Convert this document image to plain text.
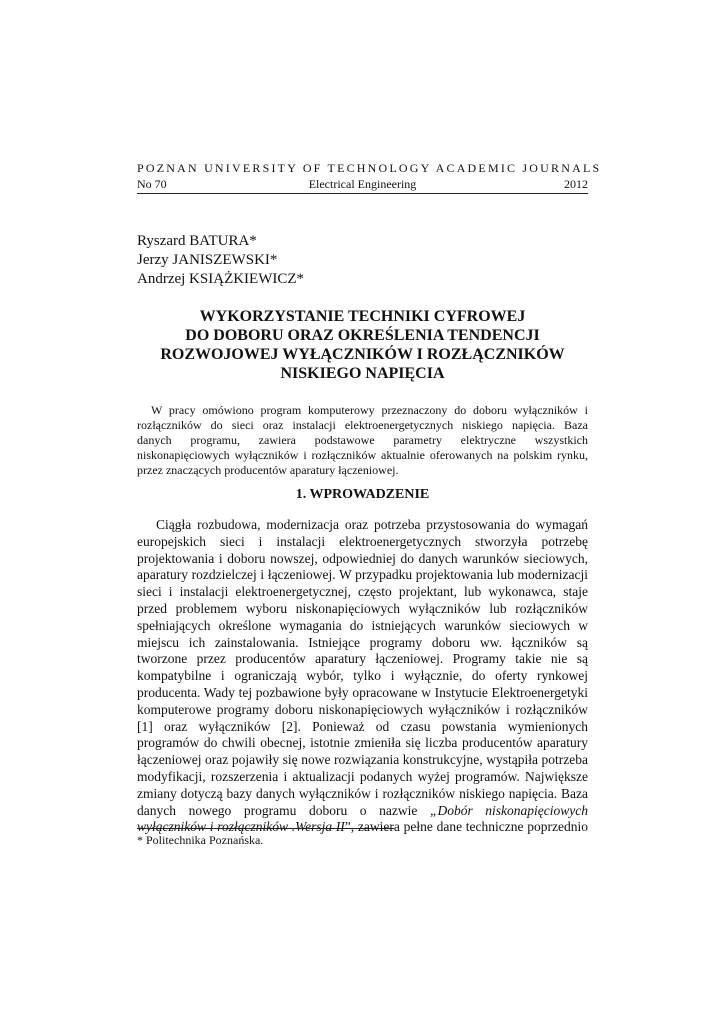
POZNAN UNIVERSITY OF TECHNOLOGY ACADEMIC JOURNALS
No 70	Electrical Engineering	2012
Ryszard BATURA*
Jerzy JANISZEWSKI*
Andrzej KSIĄŻKIEWICZ*
WYKORZYSTANIE TECHNIKI CYFROWEJ
DO DOBORU ORAZ OKREŚLENIA TENDENCJI
ROZWOJOWEJ WYŁĄCZNIKÓW I ROZŁĄCZNIKÓW
NISKIEGO NAPIĘCIA
W pracy omówiono program komputerowy przeznaczony do doboru wyłączników i
rozłączników do sieci oraz instalacji elektroenergetycznych niskiego napięcia. Baza
danych programu, zawiera podstawowe parametry elektryczne wszystkich
niskonapięciowych wyłączników i rozłączników aktualnie oferowanych na polskim rynku,
przez znaczących producentów aparatury łączeniowej.
1. WPROWADZENIE
Ciągła rozbudowa, modernizacja oraz potrzeba przystosowania do wymagań
europejskich sieci i instalacji elektroenergetycznych stworzyła potrzebę
projektowania i doboru nowszej, odpowiedniej do danych warunków sieciowych,
aparatury rozdzielczej i łączeniowej. W przypadku projektowania lub modernizacji
sieci i instalacji elektroenergetycznej, często projektant, lub wykonawca, staje
przed problemem wyboru niskonapięciowych wyłączników lub rozłączników
spełniających określone wymagania do istniejących warunków sieciowych w
miejscu ich zainstalowania. Istniejące programy doboru ww. łączników są
tworzone przez producentów aparatury łączeniowej. Programy takie nie są
kompatybilne i ograniczają wybór, tylko i wyłącznie, do oferty rynkowej
producenta. Wady tej pozbawione były opracowane w Instytucie Elektroenergetyki
komputerowe programy doboru niskonapięciowych wyłączników i rozłączników
[1] oraz wyłączników [2]. Ponieważ od czasu powstania wymienionych
programów do chwili obecnej, istotnie zmieniła się liczba producentów aparatury
łączeniowej oraz pojawiły się nowe rozwiązania konstrukcyjne, wystąpiła potrzeba
modyfikacji, rozszerzenia i aktualizacji podanych wyżej programów. Największe
zmiany dotyczą bazy danych wyłączników i rozłączników niskiego napięcia. Baza
danych nowego programu doboru o nazwie „Dobór niskonapięciowych
wyłączników i rozłączników .Wersja II”, zawiera pełne dane techniczne poprzednio
* Politechnika Poznańska.
